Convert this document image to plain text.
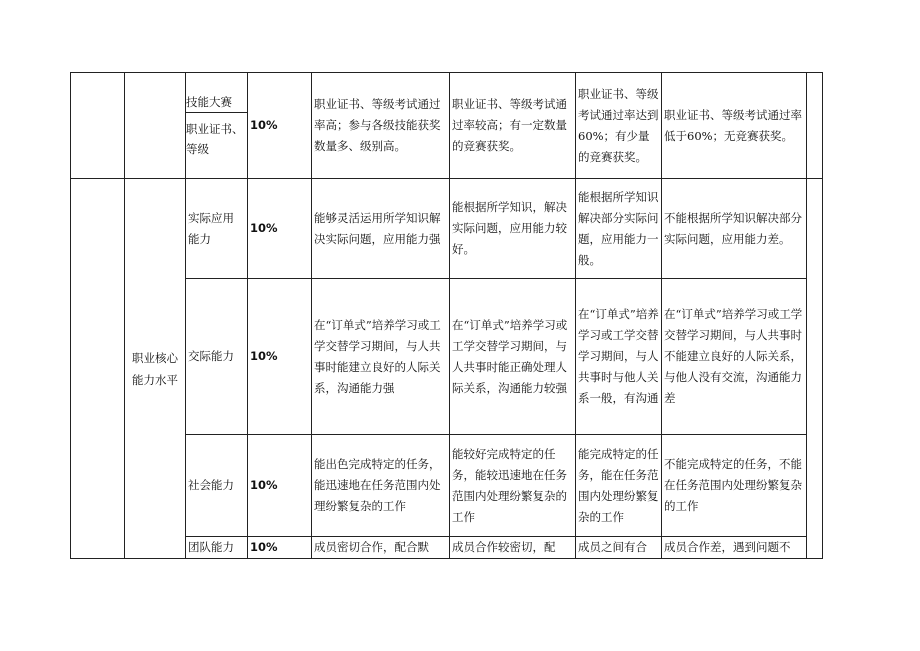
		技能大赛
职业证书、等级	10%	职业证书、等级考试通过率高；参与各级技能获奖数量多、级别高。	职业证书、等级考试通过率较高；有一定数量的竞赛获奖。	职业证书、等级考试通过率达到60%；有少量的竞赛获奖。	职业证书、等级考试通过率低于60%；无竞赛获奖。	
	职业核心能力水平	实际应用能力	10%	能够灵活运用所学知识解决实际问题，应用能力强	能根据所学知识，解决实际问题，应用能力较好。	能根据所学知识解决部分实际问题，应用能力一般。	不能根据所学知识解决部分实际问题，应用能力差。	
		交际能力	10%	在“订单式”培养学习或工学交替学习期间，与人共事时能建立良好的人际关系，沟通能力强	在“订单式”培养学习或工学交替学习期间，与人共事时能正确处理人际关系，沟通能力较强	在“订单式”培养学习或工学交替学习期间，与人共事时与他人关系一般，有沟通	在“订单式”培养学习或工学交替学习期间，与人共事时不能建立良好的人际关系，与他人没有交流，沟通能力差	
		社会能力	10%	能出色完成特定的任务，能迅速地在任务范围内处理纷繁复杂的工作	能较好完成特定的任务，能较迅速地在任务范围内处理纷繁复杂的工作	能完成特定的任务，能在任务范围内处理纷繁复杂的工作	不能完成特定的任务，不能在任务范围内处理纷繁复杂的工作	
		团队能力	10%	成员密切合作，配合默	成员合作较密切，配	成员之间有合	成员合作差，遇到问题不	
